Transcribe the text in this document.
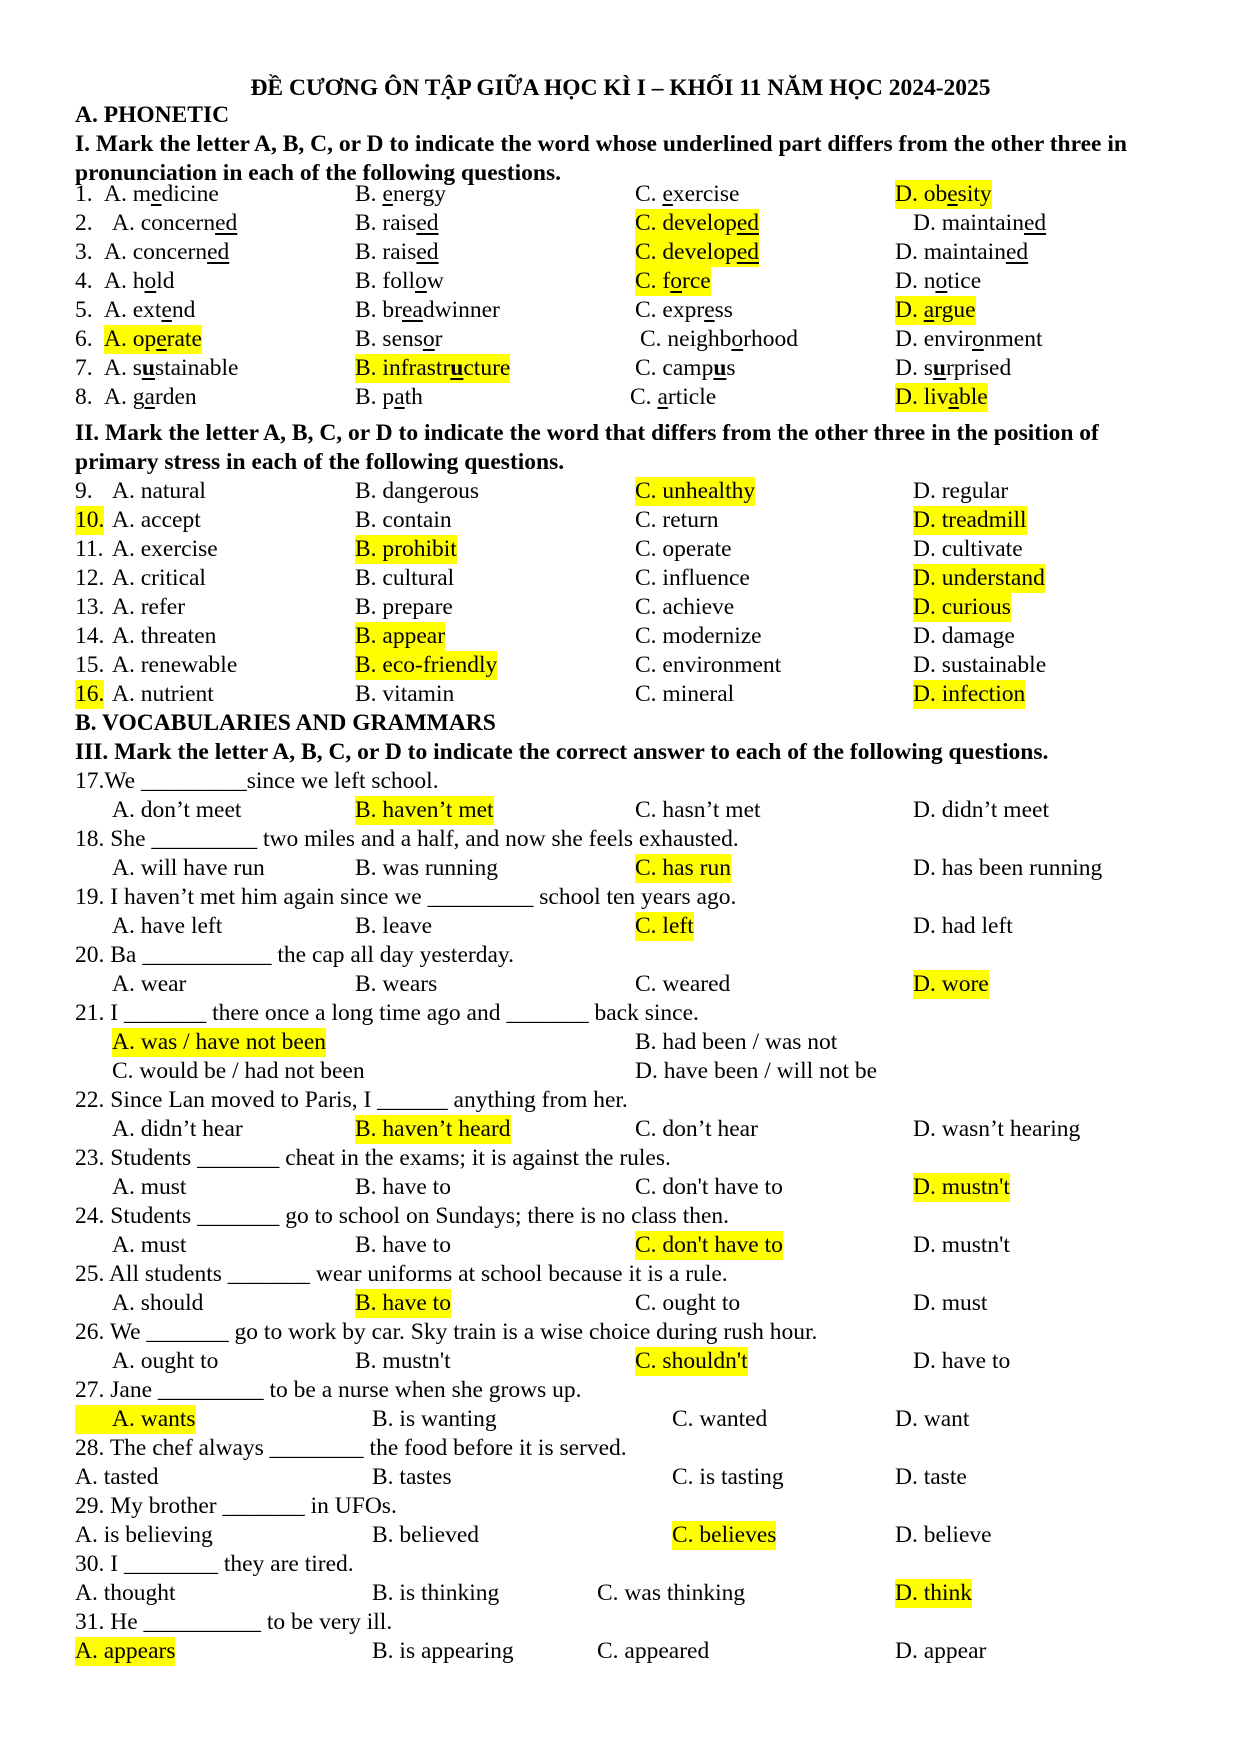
ĐỀ CƯƠNG ÔN TẬP GIỮA HỌC KÌ I – KHỐI 11 NĂM HỌC 2024-2025
A. PHONETIC
I. Mark the letter A, B, C, or D to indicate the word whose underlined part differs from the other three in pronunciation in each of the following questions.
1. A. medicine	B. energy	C. exercise	D. obesity
2. A. concerned	B. raised	C. developed	D. maintained
3. A. concerned	B. raised	C. developed	D. maintained
4. A. hold	B. follow	C. force	D. notice
5. A. extend	B. breadwinner	C. express	D. argue
6. A. operate	B. sensor	C. neighborhood	D. environment
7. A. sustainable	B. infrastructure	C. campus	D. surprised
8. A. garden	B. path	C. article	D. livable
II. Mark the letter A, B, C, or D to indicate the word that differs from the other three in the position of primary stress in each of the following questions.
9. A. natural	B. dangerous	C. unhealthy	D. regular
10. A. accept	B. contain	C. return	D. treadmill
11. A. exercise	B. prohibit	C. operate	D. cultivate
12. A. critical	B. cultural	C. influence	D. understand
13. A. refer	B. prepare	C. achieve	D. curious
14. A. threaten	B. appear	C. modernize	D. damage
15. A. renewable	B. eco-friendly	C. environment	D. sustainable
16. A. nutrient	B. vitamin	C. mineral	D. infection
B. VOCABULARIES AND GRAMMARS
III. Mark the letter A, B, C, or D to indicate the correct answer to each of the following questions.
17.We _________since we left school.
A. don’t meet	B. haven’t met	C. hasn’t met	D. didn’t meet
18. She _________ two miles and a half, and now she feels exhausted.
A. will have run	B. was running	C. has run	D. has been running
19. I haven’t met him again since we _________ school ten years ago.
A. have left	B. leave	C. left	D. had left
20. Ba ___________ the cap all day yesterday.
A. wear	B. wears	C. weared	D. wore
21. I _______ there once a long time ago and _______ back since.
A. was / have not been	B. had been / was not
C. would be / had not been	D. have been / will not be
22. Since Lan moved to Paris, I ______ anything from her.
A. didn’t hear	B. haven’t heard	C. don’t hear	D. wasn’t hearing
23. Students _______ cheat in the exams; it is against the rules.
A. must	B. have to	C. don't have to	D. mustn't
24. Students _______ go to school on Sundays; there is no class then.
A. must	B. have to	C. don't have to	D. mustn't
25. All students _______ wear uniforms at school because it is a rule.
A. should	B. have to	C. ought to	D. must
26. We _______ go to work by car. Sky train is a wise choice during rush hour.
A. ought to	B. mustn't	C. shouldn't	D. have to
27. Jane _________ to be a nurse when she grows up.
A. wants	B. is wanting	C. wanted	D. want
28. The chef always ________ the food before it is served.
A. tasted	B. tastes	C. is tasting	D. taste
29. My brother _______ in UFOs.
A. is believing	B. believed	C. believes	D. believe
30. I ________ they are tired.
A. thought	B. is thinking	C. was thinking	D. think
31. He __________ to be very ill.
A. appears	B. is appearing	C. appeared	D. appear
